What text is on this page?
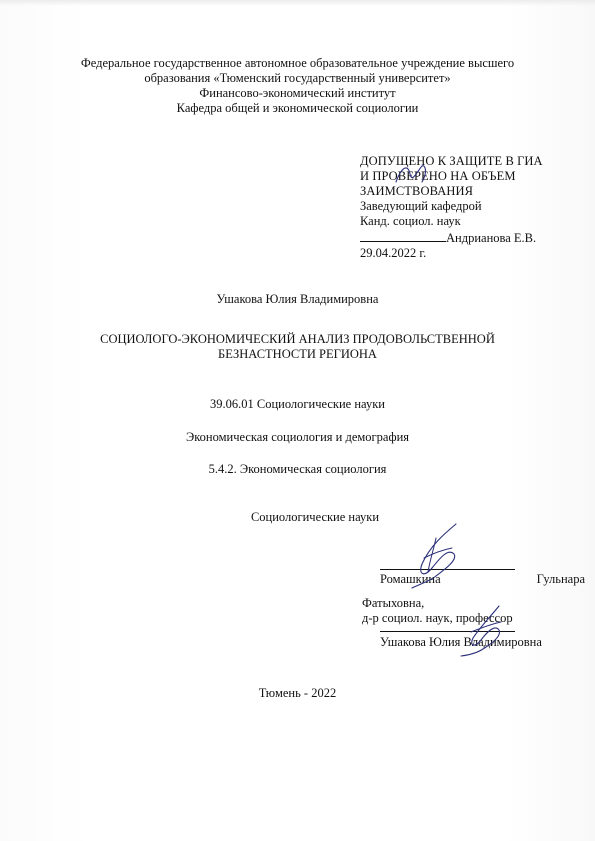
Федеральное государственное автономное образовательное учреждение высшего
образования «Тюменский государственный университет»
Финансово-экономический институт
Кафедра общей и экономической социологии
ДОПУЩЕНО К ЗАЩИТЕ В ГИА
И ПРОВЕРЕНО НА ОБЪЕМ
ЗАИМСТВОВАНИЯ
Заведующий кафедрой
Канд. социол. наук
Андрианова Е.В.
29.04.2022 г.
Ушакова Юлия Владимировна
СОЦИОЛОГО-ЭКОНОМИЧЕСКИЙ АНАЛИЗ ПРОДОВОЛЬСТВЕННОЙ
БЕЗНАСТНОСТИ РЕГИОНА
39.06.01 Социологические науки
Экономическая социология и демография
5.4.2. Экономическая социология
Социологические науки
Ромашкина	Гульнара
Фатыховна,
д-р социол. наук, профессор
Ушакова Юлия Владимировна
Тюмень - 2022
